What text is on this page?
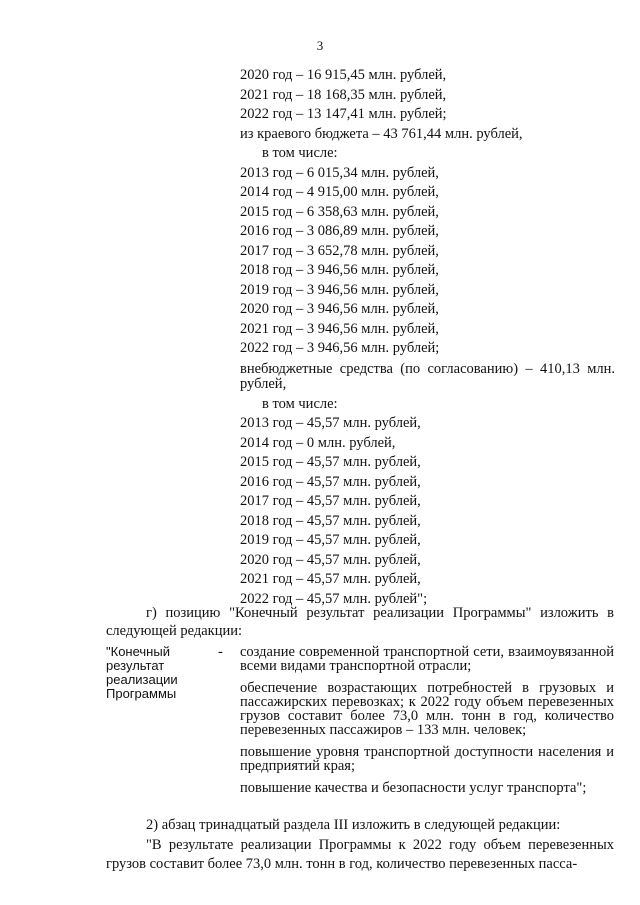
3
2020 год – 16 915,45 млн. рублей,
2021 год – 18 168,35 млн. рублей,
2022 год – 13 147,41 млн. рублей;
из краевого бюджета – 43 761,44 млн. рублей,
в том числе:
2013 год – 6 015,34 млн. рублей,
2014 год – 4 915,00 млн. рублей,
2015 год – 6 358,63 млн. рублей,
2016 год – 3 086,89 млн. рублей,
2017 год – 3 652,78 млн. рублей,
2018 год – 3 946,56 млн. рублей,
2019 год – 3 946,56 млн. рублей,
2020 год – 3 946,56 млн. рублей,
2021 год – 3 946,56 млн. рублей,
2022 год – 3 946,56 млн. рублей;
внебюджетные средства (по согласованию) – 410,13 млн. рублей,
в том числе:
2013 год – 45,57 млн. рублей,
2014 год – 0 млн. рублей,
2015 год – 45,57 млн. рублей,
2016 год – 45,57 млн. рублей,
2017 год – 45,57 млн. рублей,
2018 год – 45,57 млн. рублей,
2019 год – 45,57 млн. рублей,
2020 год – 45,57 млн. рублей,
2021 год – 45,57 млн. рублей,
2022 год – 45,57 млн. рублей";
г) позицию "Конечный результат реализации Программы" изложить в следующей редакции:
"Конечный результат реализации Программы
- создание современной транспортной сети, взаимоувязанной всеми видами транспортной отрасли;
обеспечение возрастающих потребностей в грузовых и пассажирских перевозках; к 2022 году объем перевезенных грузов составит более 73,0 млн. тонн в год, количество перевезенных пассажиров – 133 млн. человек;
повышение уровня транспортной доступности населения и предприятий края;
повышение качества и безопасности услуг транспорта";
2) абзац тринадцатый раздела III изложить в следующей редакции:
"В результате реализации Программы к 2022 году объем перевезенных грузов составит более 73,0 млн. тонн в год, количество перевезенных пасса-
